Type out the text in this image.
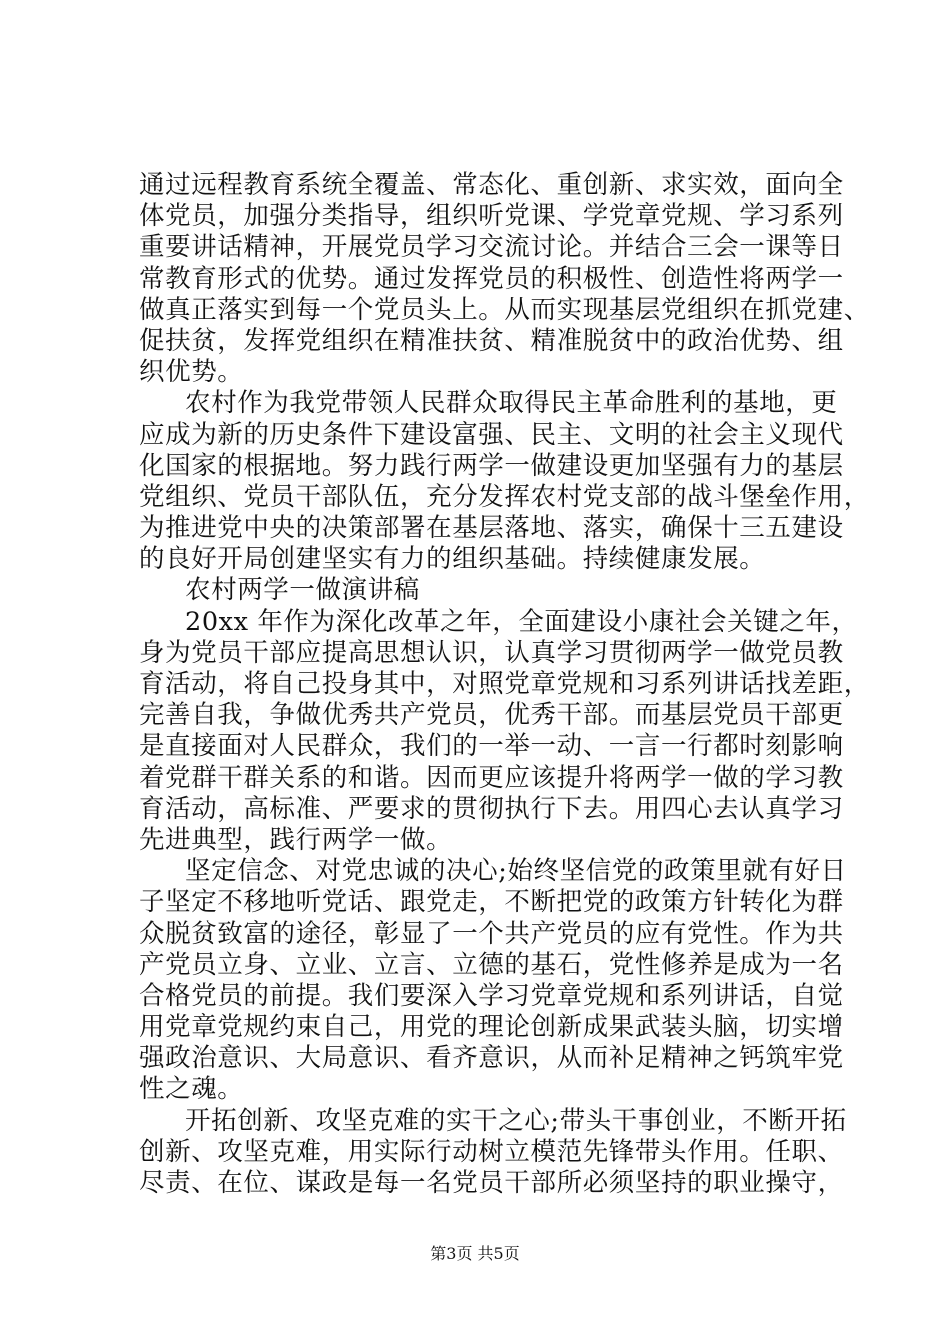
通过远程教育系统全覆盖、常态化、重创新、求实效，面向全
体党员，加强分类指导，组织听党课、学党章党规、学习系列
重要讲话精神，开展党员学习交流讨论。并结合三会一课等日
常教育形式的优势。通过发挥党员的积极性、创造性将两学一
做真正落实到每一个党员头上。从而实现基层党组织在抓党建、
促扶贫，发挥党组织在精准扶贫、精准脱贫中的政治优势、组
织优势。
农村作为我党带领人民群众取得民主革命胜利的基地，更
应成为新的历史条件下建设富强、民主、文明的社会主义现代
化国家的根据地。努力践行两学一做建设更加坚强有力的基层
党组织、党员干部队伍，充分发挥农村党支部的战斗堡垒作用，
为推进党中央的决策部署在基层落地、落实，确保十三五建设
的良好开局创建坚实有力的组织基础。持续健康发展。
农村两学一做演讲稿
20xx 年作为深化改革之年，全面建设小康社会关键之年，
身为党员干部应提高思想认识，认真学习贯彻两学一做党员教
育活动，将自己投身其中，对照党章党规和习系列讲话找差距，
完善自我，争做优秀共产党员，优秀干部。而基层党员干部更
是直接面对人民群众，我们的一举一动、一言一行都时刻影响
着党群干群关系的和谐。因而更应该提升将两学一做的学习教
育活动，高标准、严要求的贯彻执行下去。用四心去认真学习
先进典型，践行两学一做。
坚定信念、对党忠诚的决心;始终坚信党的政策里就有好日
子坚定不移地听党话、跟党走，不断把党的政策方针转化为群
众脱贫致富的途径，彰显了一个共产党员的应有党性。作为共
产党员立身、立业、立言、立德的基石，党性修养是成为一名
合格党员的前提。我们要深入学习党章党规和系列讲话，自觉
用党章党规约束自己，用党的理论创新成果武装头脑，切实增
强政治意识、大局意识、看齐意识，从而补足精神之钙筑牢党
性之魂。
开拓创新、攻坚克难的实干之心;带头干事创业，不断开拓
创新、攻坚克难，用实际行动树立模范先锋带头作用。任职、
尽责、在位、谋政是每一名党员干部所必须坚持的职业操守，
第3页 共5页
